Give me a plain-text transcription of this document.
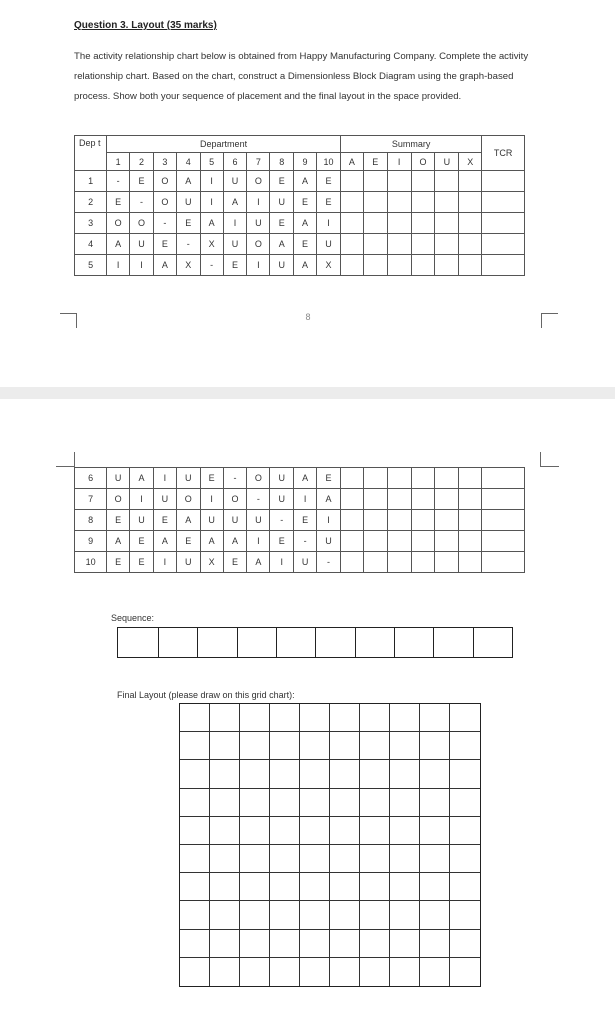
Question 3. Layout (35 marks)
The activity relationship chart below is obtained from Happy Manufacturing Company. Complete the activity relationship chart. Based on the chart, construct a Dimensionless Block Diagram using the graph-based process. Show both your sequence of placement and the final layout in the space provided.
Dep t	Department										Summary						TCR
	1	2	3	4	5	6	7	8	9	10	A	E	I	O	U	X	
1	-	E	O	A	I	U	O	E	A	E							
2	E	-	O	U	I	A	I	U	E	E							
3	O	O	-	E	A	I	U	E	A	I							
4	A	U	E	-	X	U	O	A	E	U							
5	I	I	A	X	-	E	I	U	A	X							
8
6	U	A	I	U	E	-	O	U	A	E							
7	O	I	U	O	I	O	-	U	I	A							
8	E	U	E	A	U	U	U	-	E	I							
9	A	E	A	E	A	A	I	E	-	U							
10	E	E	I	U	X	E	A	I	U	-							
Sequence:
Final Layout (please draw on this grid chart):
